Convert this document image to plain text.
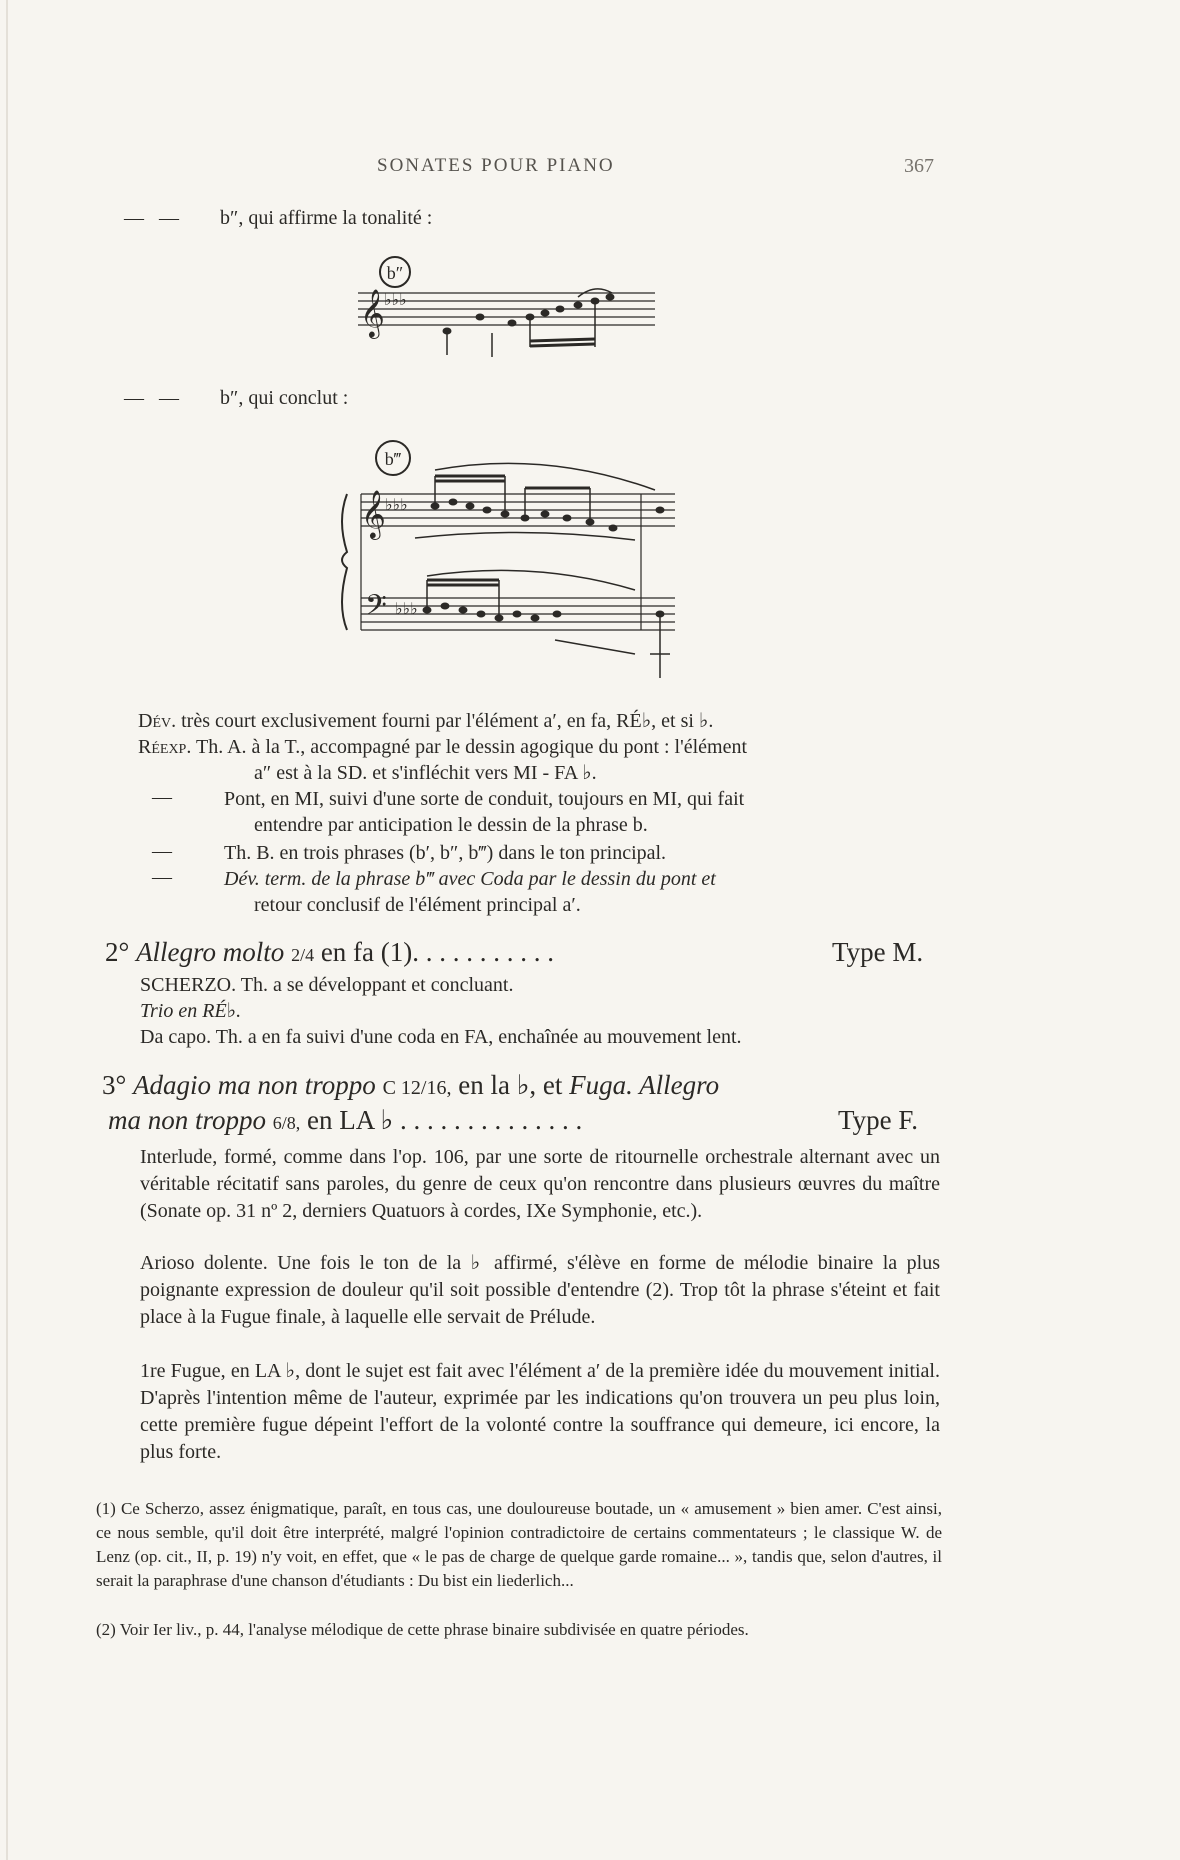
SONATES POUR PIANO	367
—   — b″, qui affirme la tonalité :
b″
𝄞 ♭♭♭
—   — b″, qui conclut :
b‴
𝄞
𝄢
♭♭♭
♭♭♭
Dév. très court exclusivement fourni par l'élément a′, en fa, RÉ♭, et si ♭.
Réexp. Th. A. à la T., accompagné par le dessin agogique du pont : l'élément
a″ est à la SD. et s'infléchit vers MI - FA ♭.
—	Pont, en MI, suivi d'une sorte de conduit, toujours en MI, qui fait
entendre par anticipation le dessin de la phrase b.
—	Th. B. en trois phrases (b′, b″, b‴) dans le ton principal.
—	Dév. term. de la phrase b‴ avec Coda par le dessin du pont et
retour conclusif de l'élément principal a′.
2° Allegro molto 2/4 en fa (1). . . . . . . . . . .	Type M.
SCHERZO. Th. a se développant et concluant.
Trio en RÉ♭.
Da capo. Th. a en fa suivi d'une coda en FA, enchaînée au mouvement lent.
3° Adagio ma non troppo C 12/16, en la ♭, et Fuga. Allegro
ma non troppo 6/8, en LA ♭ . . . . . . . . . . . . . .	Type F.
Interlude, formé, comme dans l'op. 106, par une sorte de ritournelle orchestrale alternant avec un véritable récitatif sans paroles, du genre de ceux qu'on rencontre dans plusieurs œuvres du maître (Sonate op. 31 nº 2, derniers Quatuors à cordes, IXe Symphonie, etc.).
Arioso dolente. Une fois le ton de la ♭ affirmé, s'élève en forme de mélodie binaire la plus poignante expression de douleur qu'il soit possible d'entendre (2). Trop tôt la phrase s'éteint et fait place à la Fugue finale, à laquelle elle servait de Prélude.
1re Fugue, en LA ♭, dont le sujet est fait avec l'élément a′ de la première idée du mouvement initial. D'après l'intention même de l'auteur, exprimée par les indications qu'on trouvera un peu plus loin, cette première fugue dépeint l'effort de la volonté contre la souffrance qui demeure, ici encore, la plus forte.
(1) Ce Scherzo, assez énigmatique, paraît, en tous cas, une douloureuse boutade, un « amusement » bien amer. C'est ainsi, ce nous semble, qu'il doit être interprété, malgré l'opinion contradictoire de certains commentateurs ; le classique W. de Lenz (op. cit., II, p. 19) n'y voit, en effet, que « le pas de charge de quelque garde romaine... », tandis que, selon d'autres, il serait la paraphrase d'une chanson d'étudiants : Du bist ein liederlich...
(2) Voir Ier liv., p. 44, l'analyse mélodique de cette phrase binaire subdivisée en quatre périodes.
